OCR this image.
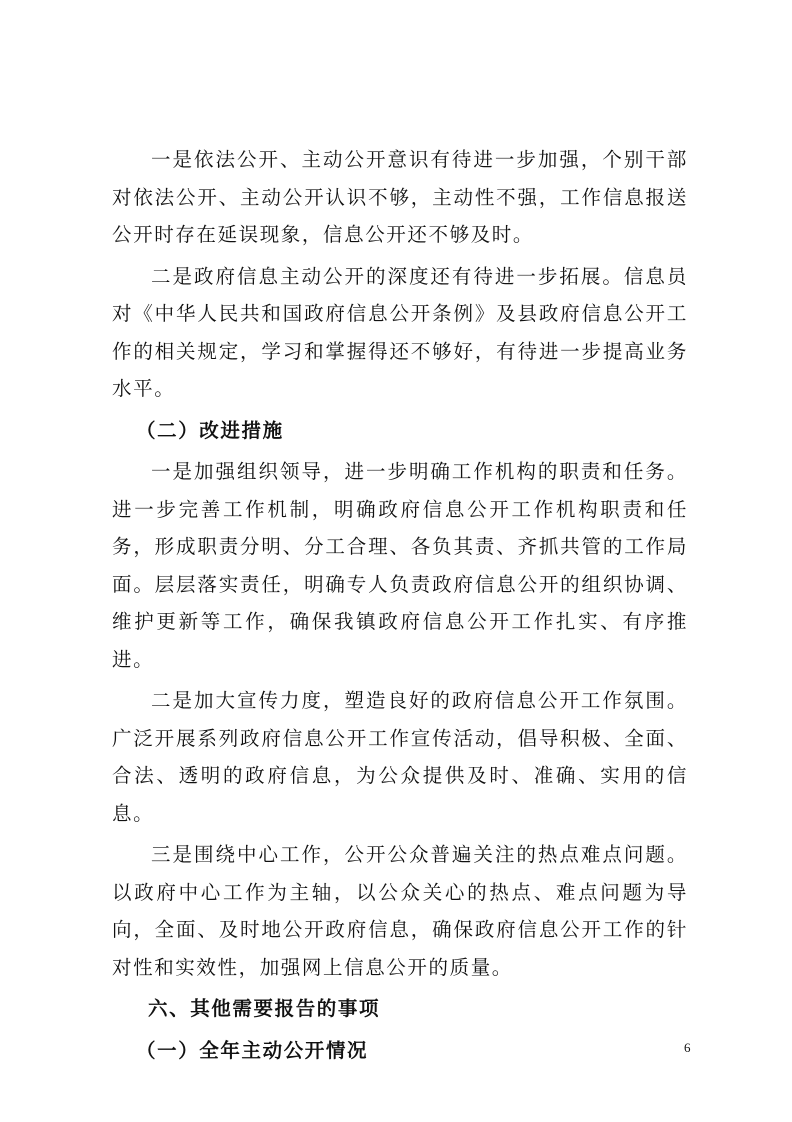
一是依法公开、主动公开意识有待进一步加强，个别干部对依法公开、主动公开认识不够，主动性不强，工作信息报送公开时存在延误现象，信息公开还不够及时。

二是政府信息主动公开的深度还有待进一步拓展。信息员对《中华人民共和国政府信息公开条例》及县政府信息公开工作的相关规定，学习和掌握得还不够好，有待进一步提高业务水平。

（二）改进措施

一是加强组织领导，进一步明确工作机构的职责和任务。进一步完善工作机制，明确政府信息公开工作机构职责和任务，形成职责分明、分工合理、各负其责、齐抓共管的工作局面。层层落实责任，明确专人负责政府信息公开的组织协调、维护更新等工作，确保我镇政府信息公开工作扎实、有序推进。

二是加大宣传力度，塑造良好的政府信息公开工作氛围。广泛开展系列政府信息公开工作宣传活动，倡导积极、全面、合法、透明的政府信息，为公众提供及时、准确、实用的信息。

三是围绕中心工作，公开公众普遍关注的热点难点问题。以政府中心工作为主轴，以公众关心的热点、难点问题为导向，全面、及时地公开政府信息，确保政府信息公开工作的针对性和实效性，加强网上信息公开的质量。

六、其他需要报告的事项

（一）全年主动公开情况	6
